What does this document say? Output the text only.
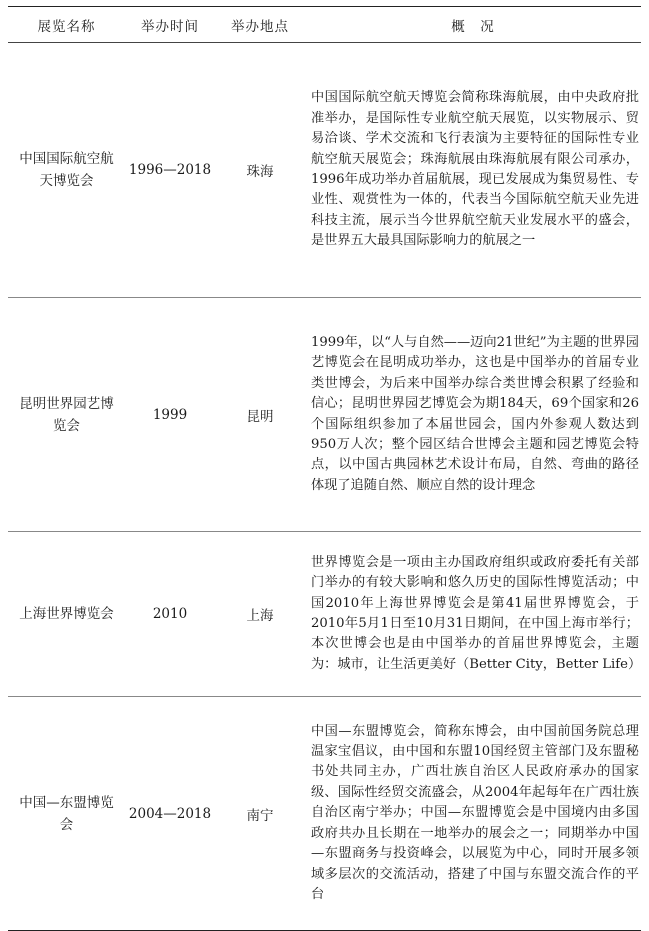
展览名称	举办时间	举办地点	概　况
中国国际航空航天博览会	1996—2018	珠海	中国国际航空航天博览会简称珠海航展，由中央政府批准举办，是国际性专业航空航天展览，以实物展示、贸易洽谈、学术交流和飞行表演为主要特征的国际性专业航空航天展览会；珠海航展由珠海航展有限公司承办，1996年成功举办首届航展，现已发展成为集贸易性、专业性、观赏性为一体的，代表当今国际航空航天业先进科技主流，展示当今世界航空航天业发展水平的盛会，是世界五大最具国际影响力的航展之一
昆明世界园艺博览会	1999	昆明	1999年，以“人与自然——迈向21世纪”为主题的世界园艺博览会在昆明成功举办，这也是中国举办的首届专业类世博会，为后来中国举办综合类世博会积累了经验和信心；昆明世界园艺博览会为期184天，69个国家和26个国际组织参加了本届世园会，国内外参观人数达到950万人次；整个园区结合世博会主题和园艺博览会特点，以中国古典园林艺术设计布局，自然、弯曲的路径体现了追随自然、顺应自然的设计理念
上海世界博览会	2010	上海	世界博览会是一项由主办国政府组织或政府委托有关部门举办的有较大影响和悠久历史的国际性博览活动；中国2010年上海世界博览会是第41届世界博览会，于2010年5月1日至10月31日期间，在中国上海市举行；本次世博会也是由中国举办的首届世界博览会，主题为：城市，让生活更美好（Better City，Better Life）
中国—东盟博览会	2004—2018	南宁	中国—东盟博览会，简称东博会，由中国前国务院总理温家宝倡议，由中国和东盟10国经贸主管部门及东盟秘书处共同主办，广西壮族自治区人民政府承办的国家级、国际性经贸交流盛会，从2004年起每年在广西壮族自治区南宁举办；中国—东盟博览会是中国境内由多国政府共办且长期在一地举办的展会之一；同期举办中国—东盟商务与投资峰会，以展览为中心，同时开展多领域多层次的交流活动，搭建了中国与东盟交流合作的平台
